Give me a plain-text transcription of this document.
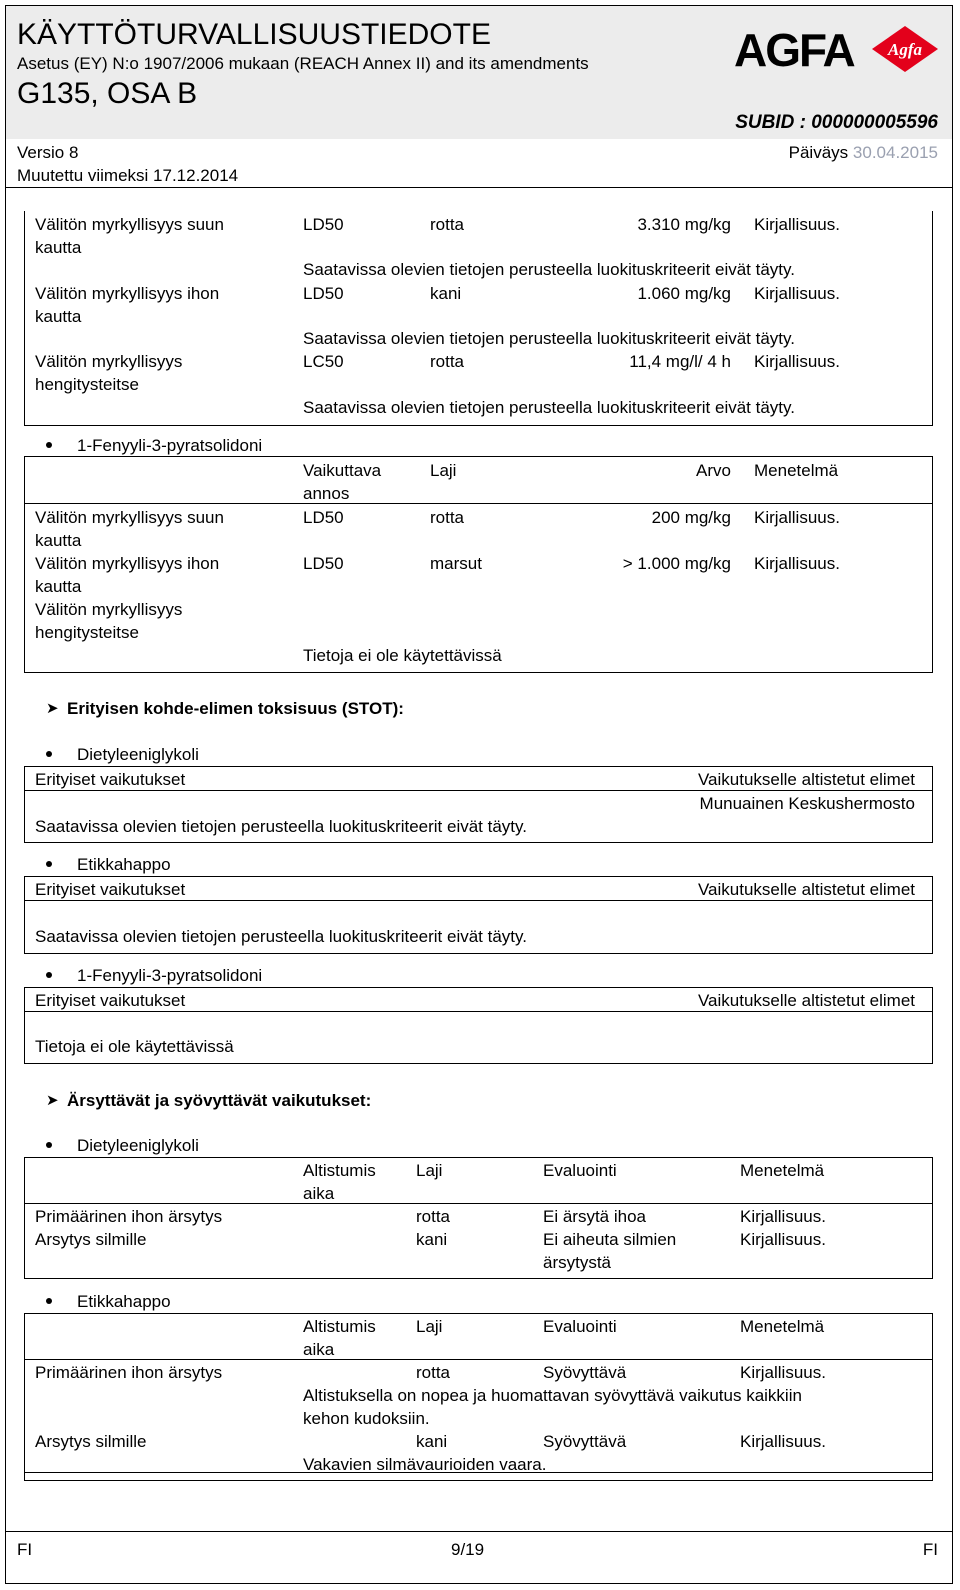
KÄYTTÖTURVALLISUUSTIEDOTE
Asetus (EY) N:o 1907/2006 mukaan (REACH Annex II) and its amendments
G135, OSA B
SUBID : 000000005596
Versio 8
Muutettu viimeksi 17.12.2014
Päiväys 30.04.2015
AGFA Agfa
Välitön myrkyllisyys suun
kautta
LD50	rotta	3.310 mg/kg Kirjallisuus.
Saatavissa olevien tietojen perusteella luokituskriteerit eivät täyty.
Välitön myrkyllisyys ihon
kautta
LD50	kani	1.060 mg/kg Kirjallisuus.
Saatavissa olevien tietojen perusteella luokituskriteerit eivät täyty.
Välitön myrkyllisyys
hengitysteitse
LC50	rotta	11,4 mg/l/ 4 h Kirjallisuus.
Saatavissa olevien tietojen perusteella luokituskriteerit eivät täyty.
1-Fenyyli-3-pyratsolidoni
Vaikuttava
annos
Laji	Arvo Menetelmä
Välitön myrkyllisyys suun
kautta
LD50	rotta	200 mg/kg Kirjallisuus.
Välitön myrkyllisyys ihon
kautta
LD50	marsut	> 1.000 mg/kg Kirjallisuus.
Välitön myrkyllisyys
hengitysteitse
Tietoja ei ole käytettävissä
➤ Erityisen kohde-elimen toksisuus (STOT):
Dietyleeniglykoli
Erityiset vaikutukset	Vaikutukselle altistetut elimet
Munuainen Keskushermosto
Saatavissa olevien tietojen perusteella luokituskriteerit eivät täyty.
Etikkahappo
Erityiset vaikutukset	Vaikutukselle altistetut elimet
Saatavissa olevien tietojen perusteella luokituskriteerit eivät täyty.
1-Fenyyli-3-pyratsolidoni
Erityiset vaikutukset	Vaikutukselle altistetut elimet
Tietoja ei ole käytettävissä
➤ Ärsyttävät ja syövyttävät vaikutukset:
Dietyleeniglykoli
Altistumis
aika
Laji	Evaluointi	Menetelmä
Primäärinen ihon ärsytys	rotta	Ei ärsytä ihoa	Kirjallisuus.
Arsytys silmille	kani	Ei aiheuta silmien
ärsytystä
Kirjallisuus.
Etikkahappo
Altistumis
aika
Laji	Evaluointi	Menetelmä
Primäärinen ihon ärsytys	rotta	Syövyttävä	Kirjallisuus.
Altistuksella on nopea ja huomattavan syövyttävä vaikutus kaikkiin
kehon kudoksiin.
Arsytys silmille	kani	Syövyttävä	Kirjallisuus.
Vakavien silmävaurioiden vaara.
FI	9/19	FI
